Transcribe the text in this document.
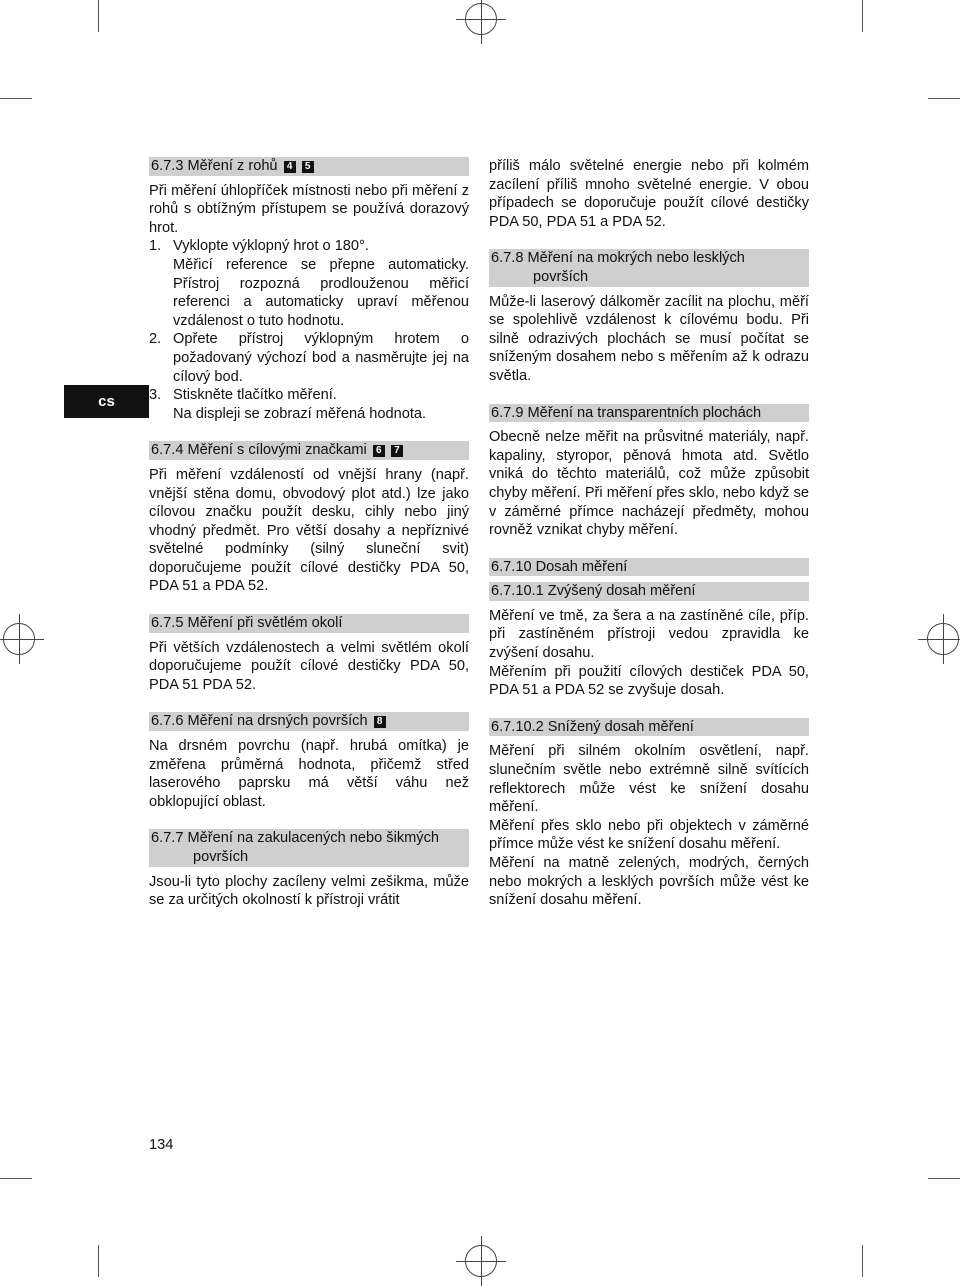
cs
6.7.3 Měření z rohů 4 5

Při měření úhlopříček místnosti nebo při měření z rohů s obtížným přístupem se používá dorazový hrot.

1. Vyklopte výklopný hrot o 180°.

Měřicí reference se přepne automaticky. Přístroj rozpozná prodlouženou měřicí referenci a automaticky upraví měřenou vzdálenost o tuto hodnotu.
2. Opřete přístroj výklopným hrotem o požadovaný výchozí bod a nasměrujte jej na cílový bod.
3. Stiskněte tlačítko měření.
Na displeji se zobrazí měřená hodnota.
6.7.4 Měření s cílovými značkami 6 7
Při měření vzdáleností od vnější hrany (např. vnější stěna domu, obvodový plot atd.) lze jako cílovou značku použít desku, cihly nebo jiný vhodný předmět. Pro větší dosahy a nepříznivé světelné podmínky (silný sluneční svit) doporučujeme použít cílové destičky PDA 50, PDA 51 a PDA 52.
6.7.5 Měření při světlém okolí
Při větších vzdálenostech a velmi světlém okolí doporučujeme použít cílové destičky PDA 50, PDA 51 PDA 52.
6.7.6 Měření na drsných površích 8
Na drsném povrchu (např. hrubá omítka) je změřena průměrná hodnota, přičemž střed laserového paprsku má větší váhu než obklopující oblast.
6.7.7 Měření na zakulacených nebo šikmých
površích
Jsou-li tyto plochy zacíleny velmi zešikma, může se za určitých okolností k přístroji vrátit
příliš málo světelné energie nebo při kolmém zacílení příliš mnoho světelné energie. V obou případech se doporučuje použít cílové destičky PDA 50, PDA 51 a PDA 52.
6.7.8 Měření na mokrých nebo lesklých
površích
Může-li laserový dálkoměr zacílit na plochu, měří se spolehlivě vzdálenost k cílovému bodu. Při silně odrazivých plochách se musí počítat se sníženým dosahem nebo s měřením až k odrazu světla.
6.7.9 Měření na transparentních plochách
Obecně nelze měřit na průsvitné materiály, např. kapaliny, styropor, pěnová hmota atd. Světlo vniká do těchto materiálů, což může způsobit chyby měření. Při měření přes sklo, nebo když se v záměrné přímce nacházejí předměty, mohou rovněž vznikat chyby měření.
6.7.10 Dosah měření
6.7.10.1 Zvýšený dosah měření

Měření ve tmě, za šera a na zastíněné cíle, příp. při zastíněném přístroji vedou zpravidla ke zvýšení dosahu.

Měřením při použití cílových destiček PDA 50, PDA 51 a PDA 52 se zvyšuje dosah.

6.7.10.2 Snížený dosah měření

Měření při silném okolním osvětlení, např. slunečním světle nebo extrémně silně svítících reflektorech může vést ke snížení dosahu měření.

Měření přes sklo nebo při objektech v záměrné přímce může vést ke snížení dosahu měření.

Měření na matně zelených, modrých, černých nebo mokrých a lesklých površích může vést ke snížení dosahu měření.

134
